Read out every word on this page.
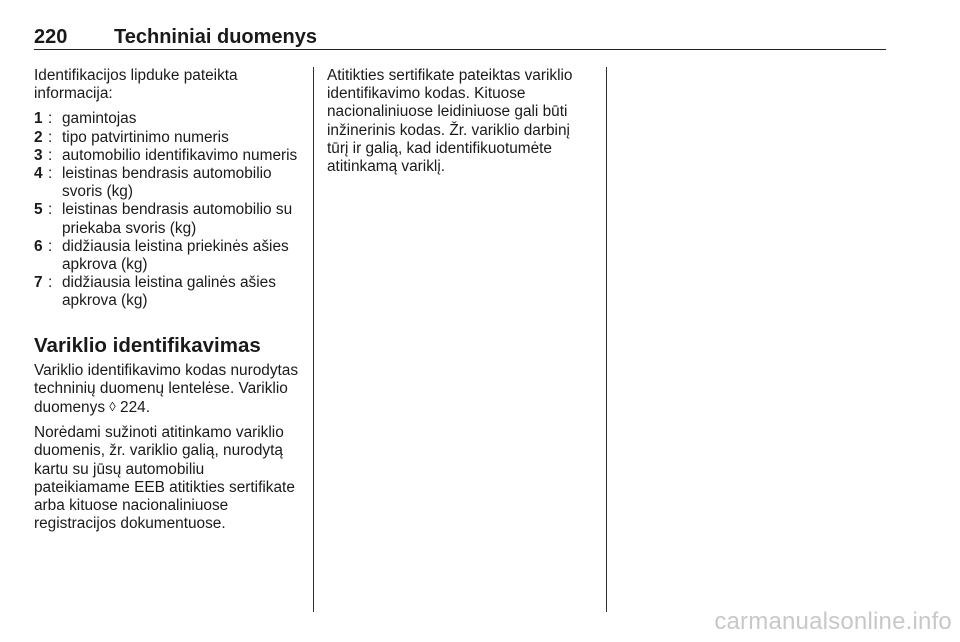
220 Techniniai duomenys

Identifikacijos lipduke pateikta informacija:

1 : gamintojas
2 : tipo patvirtinimo numeris
3 : automobilio identifikavimo numeris
4 : leistinas bendrasis automobilio svoris (kg)
5 : leistinas bendrasis automobilio su priekaba svoris (kg)
6 : didžiausia leistina priekinės ašies apkrova (kg)
7 : didžiausia leistina galinės ašies apkrova (kg)
Variklio identifikavimas

Variklio identifikavimo kodas nurodytas techninių duomenų lentelėse. Variklio duomenys ◊ 224.

Norėdami sužinoti atitinkamo variklio duomenis, žr. variklio galią, nurodytą kartu su jūsų automobiliu pateikiamame EEB atitikties sertifikate arba kituose nacionaliniuose registracijos dokumentuose.

Atitikties sertifikate pateiktas variklio identifikavimo kodas. Kituose nacionaliniuose leidiniuose gali būti inžinerinis kodas. Žr. variklio darbinį tūrį ir galią, kad identifikuotumėte atitinkamą variklį.

carmanualsonline.info
